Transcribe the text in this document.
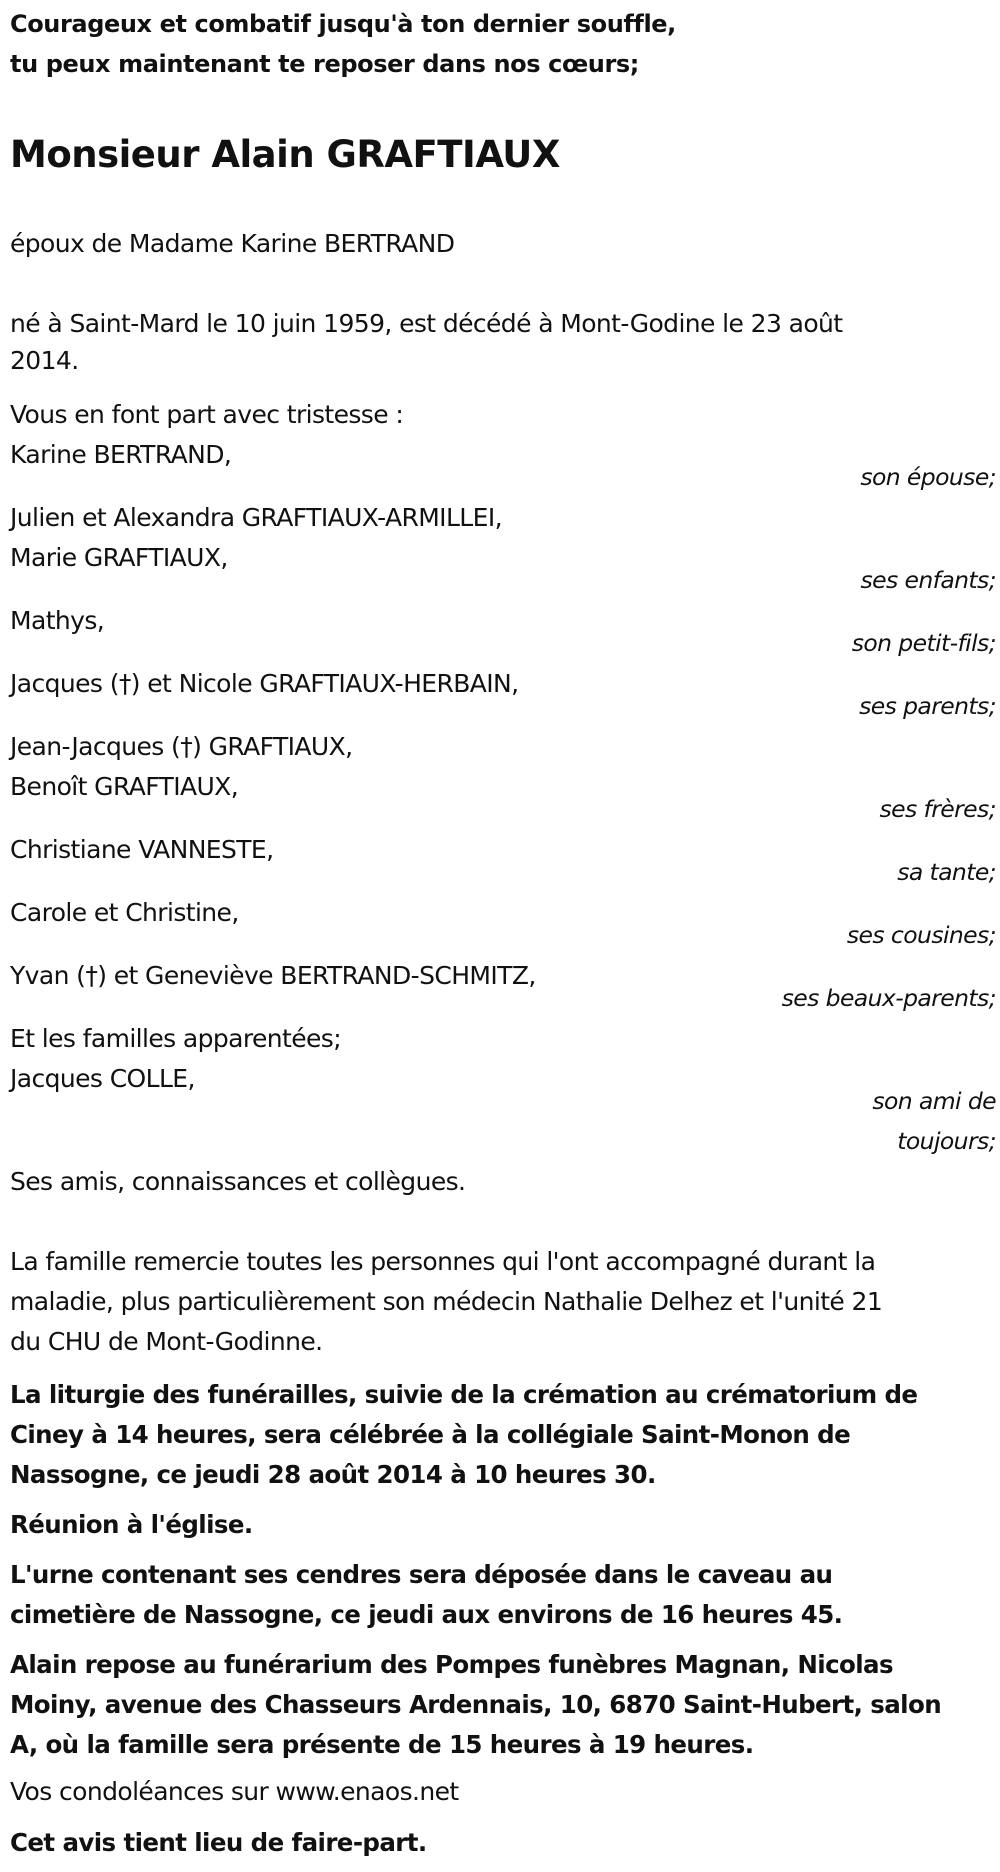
Courageux et combatif jusqu'à ton dernier souffle,
tu peux maintenant te reposer dans nos cœurs;
Monsieur Alain GRAFTIAUX
époux de Madame Karine BERTRAND
né à Saint-Mard le 10 juin 1959, est décédé à Mont-Godine le 23 août
2014.
Vous en font part avec tristesse :
Karine BERTRAND,
son épouse;
Julien et Alexandra GRAFTIAUX-ARMILLEI,
Marie GRAFTIAUX,
ses enfants;
Mathys,
son petit-fils;
Jacques (†) et Nicole GRAFTIAUX-HERBAIN,
ses parents;
Jean-Jacques (†) GRAFTIAUX,
Benoît GRAFTIAUX,
ses frères;
Christiane VANNESTE,
sa tante;
Carole et Christine,
ses cousines;
Yvan (†) et Geneviève BERTRAND-SCHMITZ,
ses beaux-parents;
Et les familles apparentées;
Jacques COLLE,
son ami de
toujours;
Ses amis, connaissances et collègues.
La famille remercie toutes les personnes qui l'ont accompagné durant la
maladie, plus particulièrement son médecin Nathalie Delhez et l'unité 21
du CHU de Mont-Godinne.
La liturgie des funérailles, suivie de la crémation au crématorium de
Ciney à 14 heures, sera célébrée à la collégiale Saint-Monon de
Nassogne, ce jeudi 28 août 2014 à 10 heures 30.
Réunion à l'église.
L'urne contenant ses cendres sera déposée dans le caveau au
cimetière de Nassogne, ce jeudi aux environs de 16 heures 45.
Alain repose au funérarium des Pompes funèbres Magnan, Nicolas
Moiny, avenue des Chasseurs Ardennais, 10, 6870 Saint-Hubert, salon
A, où la famille sera présente de 15 heures à 19 heures.
Vos condoléances sur www.enaos.net
Cet avis tient lieu de faire-part.
